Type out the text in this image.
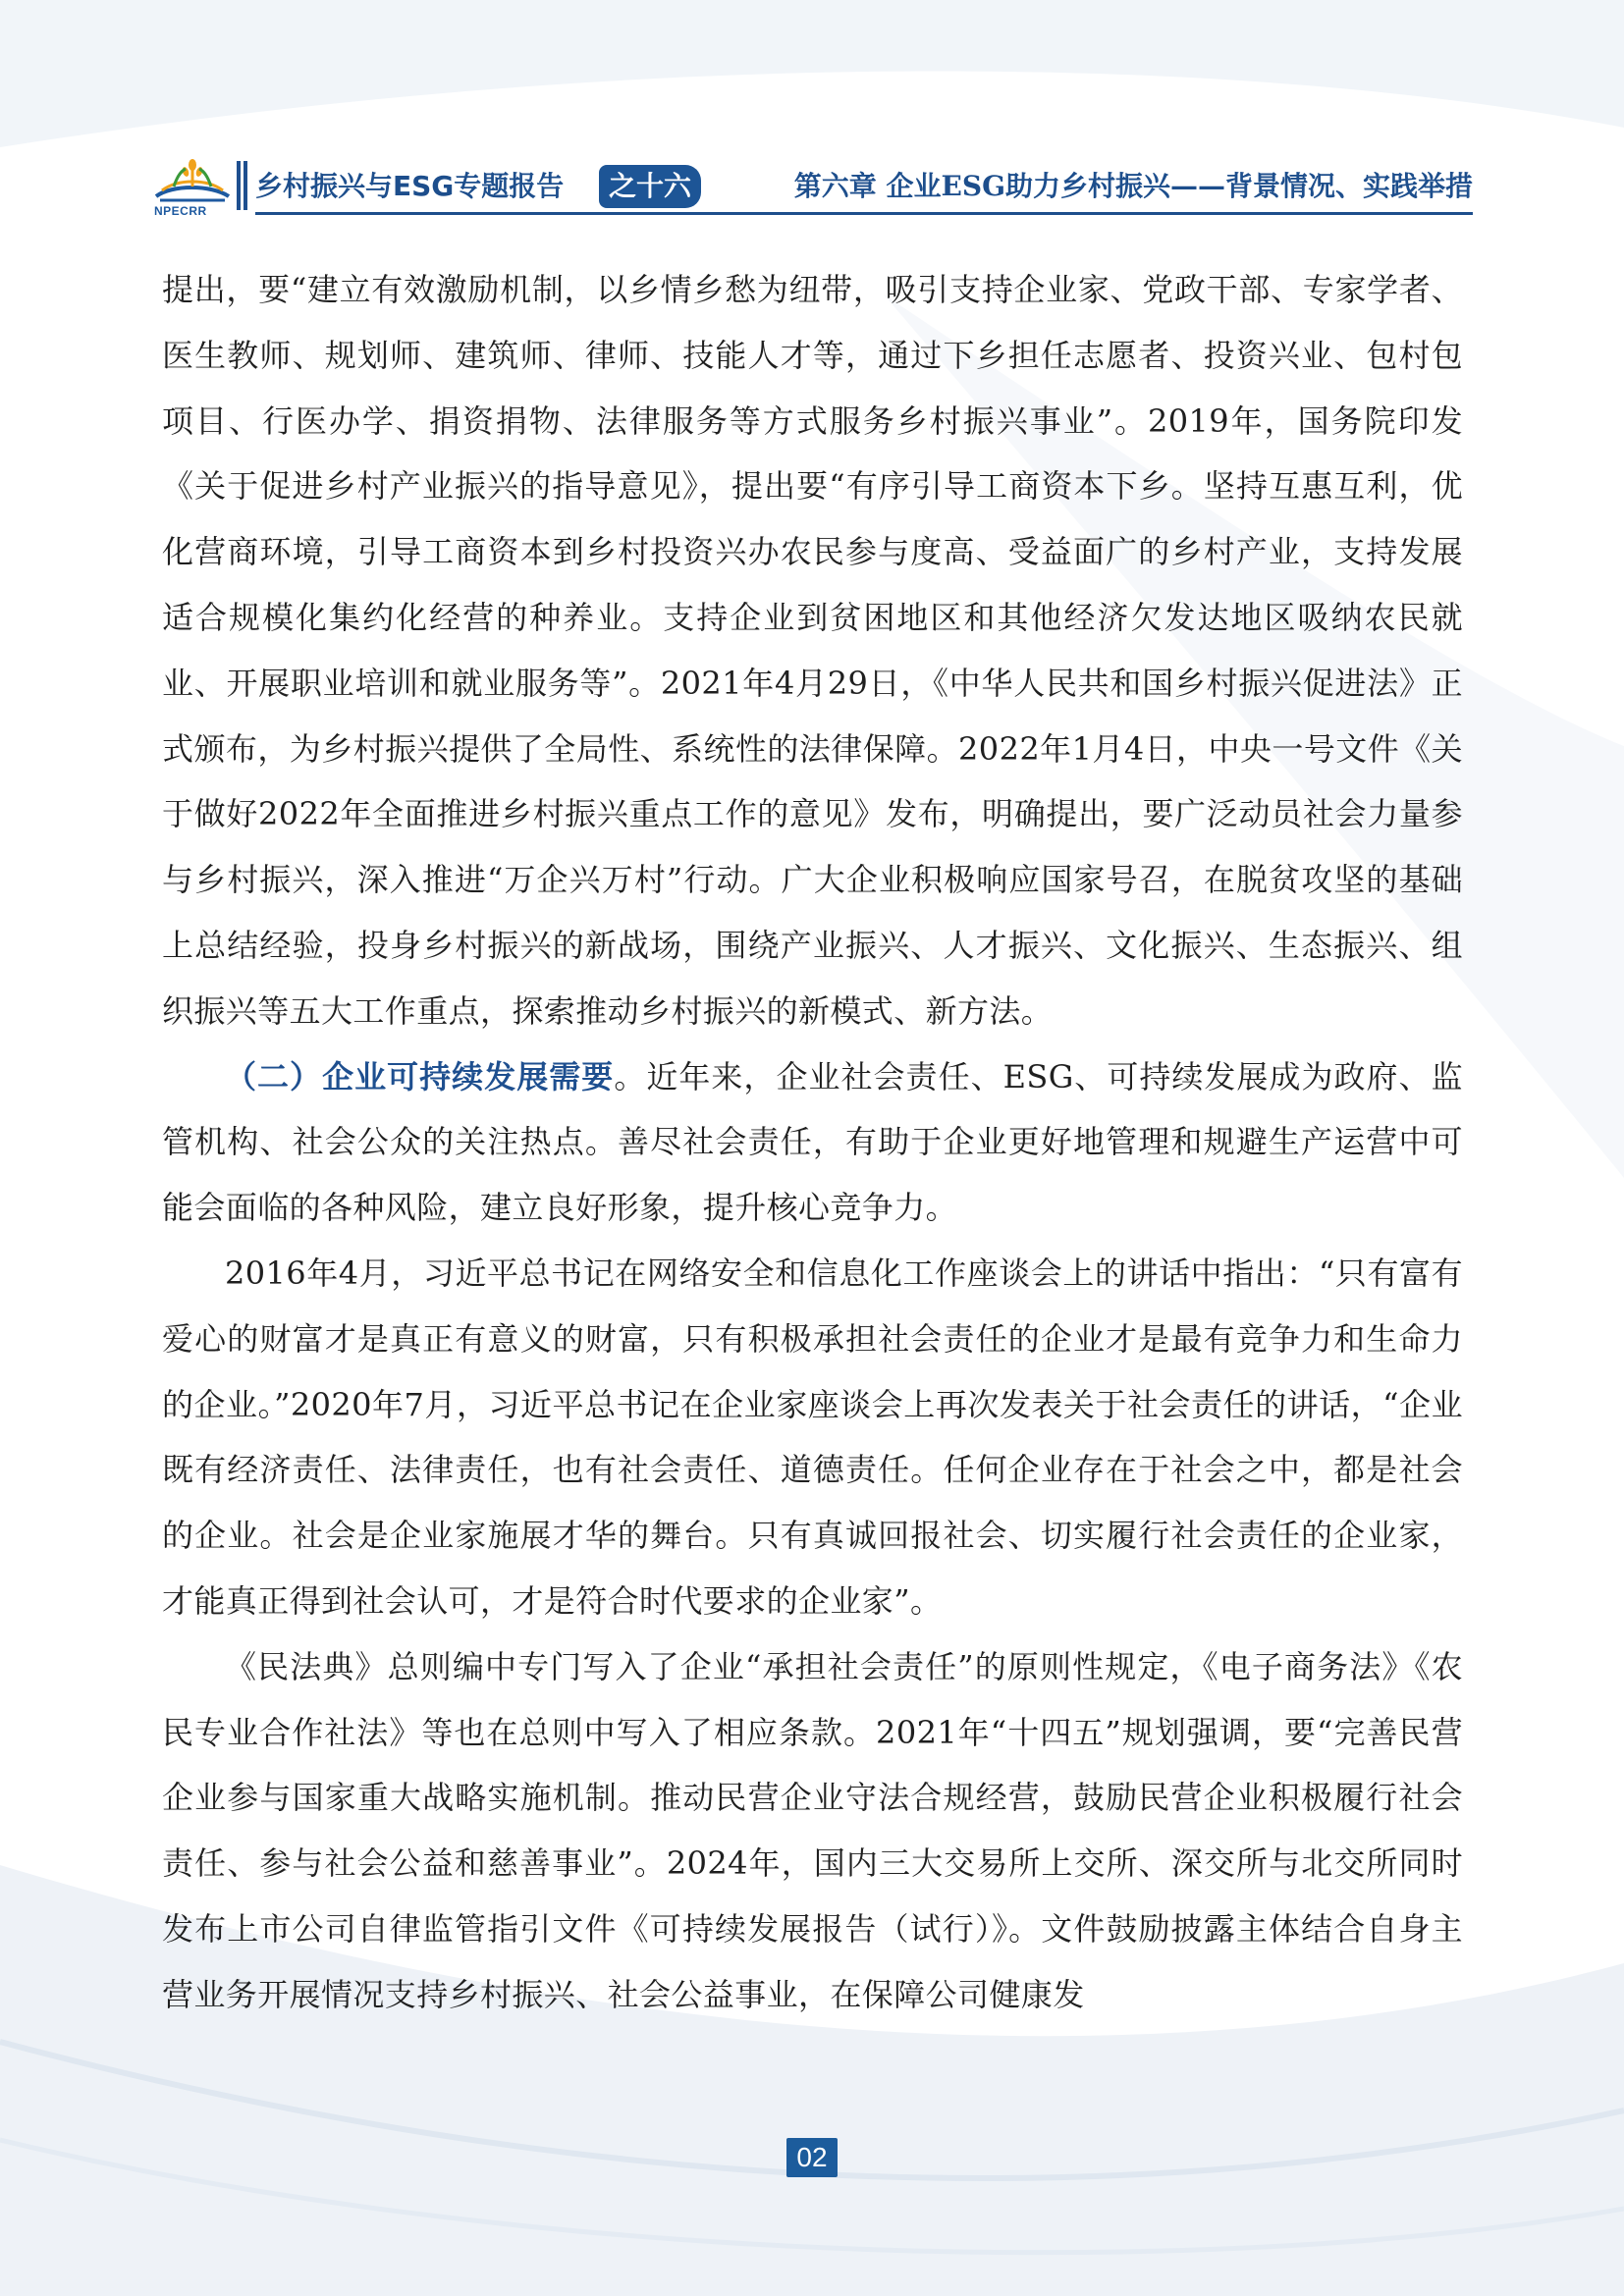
NPECRR
乡村振兴与ESG专题报告	之十六	第六章 企业ESG助力乡村振兴——背景情况、实践举措

提出，要“建立有效激励机制，以乡情乡愁为纽带，吸引支持企业家、党政干部、专家学者、医生教师、规划师、建筑师、律师、技能人才等，通过下乡担任志愿者、投资兴业、包村包项目、行医办学、捐资捐物、法律服务等方式服务乡村振兴事业”。2019年，国务院印发《关于促进乡村产业振兴的指导意见》，提出要“有序引导工商资本下乡。坚持互惠互利，优化营商环境，引导工商资本到乡村投资兴办农民参与度高、受益面广的乡村产业，支持发展适合规模化集约化经营的种养业。支持企业到贫困地区和其他经济欠发达地区吸纳农民就业、开展职业培训和就业服务等”。2021年4月29日，《中华人民共和国乡村振兴促进法》正式颁布，为乡村振兴提供了全局性、系统性的法律保障。2022年1月4日，中央一号文件《关于做好2022年全面推进乡村振兴重点工作的意见》发布，明确提出，要广泛动员社会力量参与乡村振兴，深入推进“万企兴万村”行动。广大企业积极响应国家号召，在脱贫攻坚的基础上总结经验，投身乡村振兴的新战场，围绕产业振兴、人才振兴、文化振兴、生态振兴、组织振兴等五大工作重点，探索推动乡村振兴的新模式、新方法。

（二）企业可持续发展需要。近年来，企业社会责任、ESG、可持续发展成为政府、监管机构、社会公众的关注热点。善尽社会责任，有助于企业更好地管理和规避生产运营中可能会面临的各种风险，建立良好形象，提升核心竞争力。

2016年4月，习近平总书记在网络安全和信息化工作座谈会上的讲话中指出：“只有富有爱心的财富才是真正有意义的财富，只有积极承担社会责任的企业才是最有竞争力和生命力的企业。”2020年7月，习近平总书记在企业家座谈会上再次发表关于社会责任的讲话，“企业既有经济责任、法律责任，也有社会责任、道德责任。任何企业存在于社会之中，都是社会的企业。社会是企业家施展才华的舞台。只有真诚回报社会、切实履行社会责任的企业家，才能真正得到社会认可，才是符合时代要求的企业家”。

《民法典》总则编中专门写入了企业“承担社会责任”的原则性规定，《电子商务法》《农民专业合作社法》等也在总则中写入了相应条款。2021年“十四五”规划强调，要“完善民营企业参与国家重大战略实施机制。推动民营企业守法合规经营，鼓励民营企业积极履行社会责任、参与社会公益和慈善事业”。2024年，国内三大交易所上交所、深交所与北交所同时发布上市公司自律监管指引文件《可持续发展报告（试行）》。文件鼓励披露主体结合自身主营业务开展情况支持乡村振兴、社会公益事业，在保障公司健康发

02
